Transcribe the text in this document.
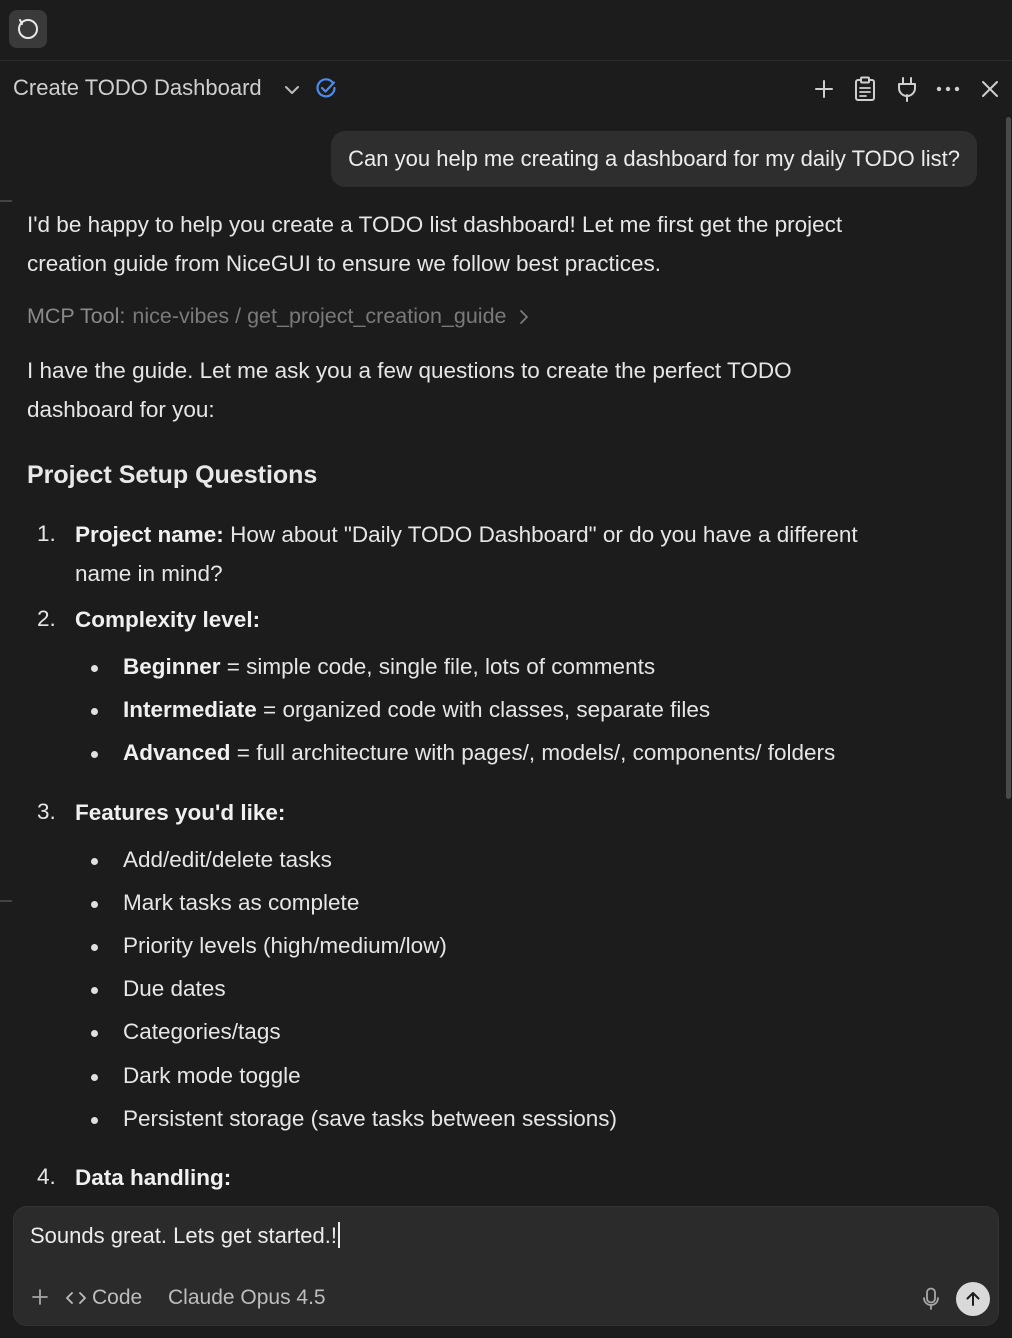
Create TODO Dashboard
Can you help me creating a dashboard for my daily TODO list?
I'd be happy to help you create a TODO list dashboard! Let me first get the project
creation guide from NiceGUI to ensure we follow best practices.
MCP Tool: nice-vibes / get_project_creation_guide
I have the guide. Let me ask you a few questions to create the perfect TODO
dashboard for you:
Project Setup Questions
1. Project name: How about "Daily TODO Dashboard" or do you have a different
name in mind?
2. Complexity level:
Beginner = simple code, single file, lots of comments
Intermediate = organized code with classes, separate files
Advanced = full architecture with pages/, models/, components/ folders
3. Features you'd like:
Add/edit/delete tasks
Mark tasks as complete
Priority levels (high/medium/low)
Due dates
Categories/tags
Dark mode toggle
Persistent storage (save tasks between sessions)
4. Data handling:
Sounds great. Lets get started.!
Code Claude Opus 4.5
